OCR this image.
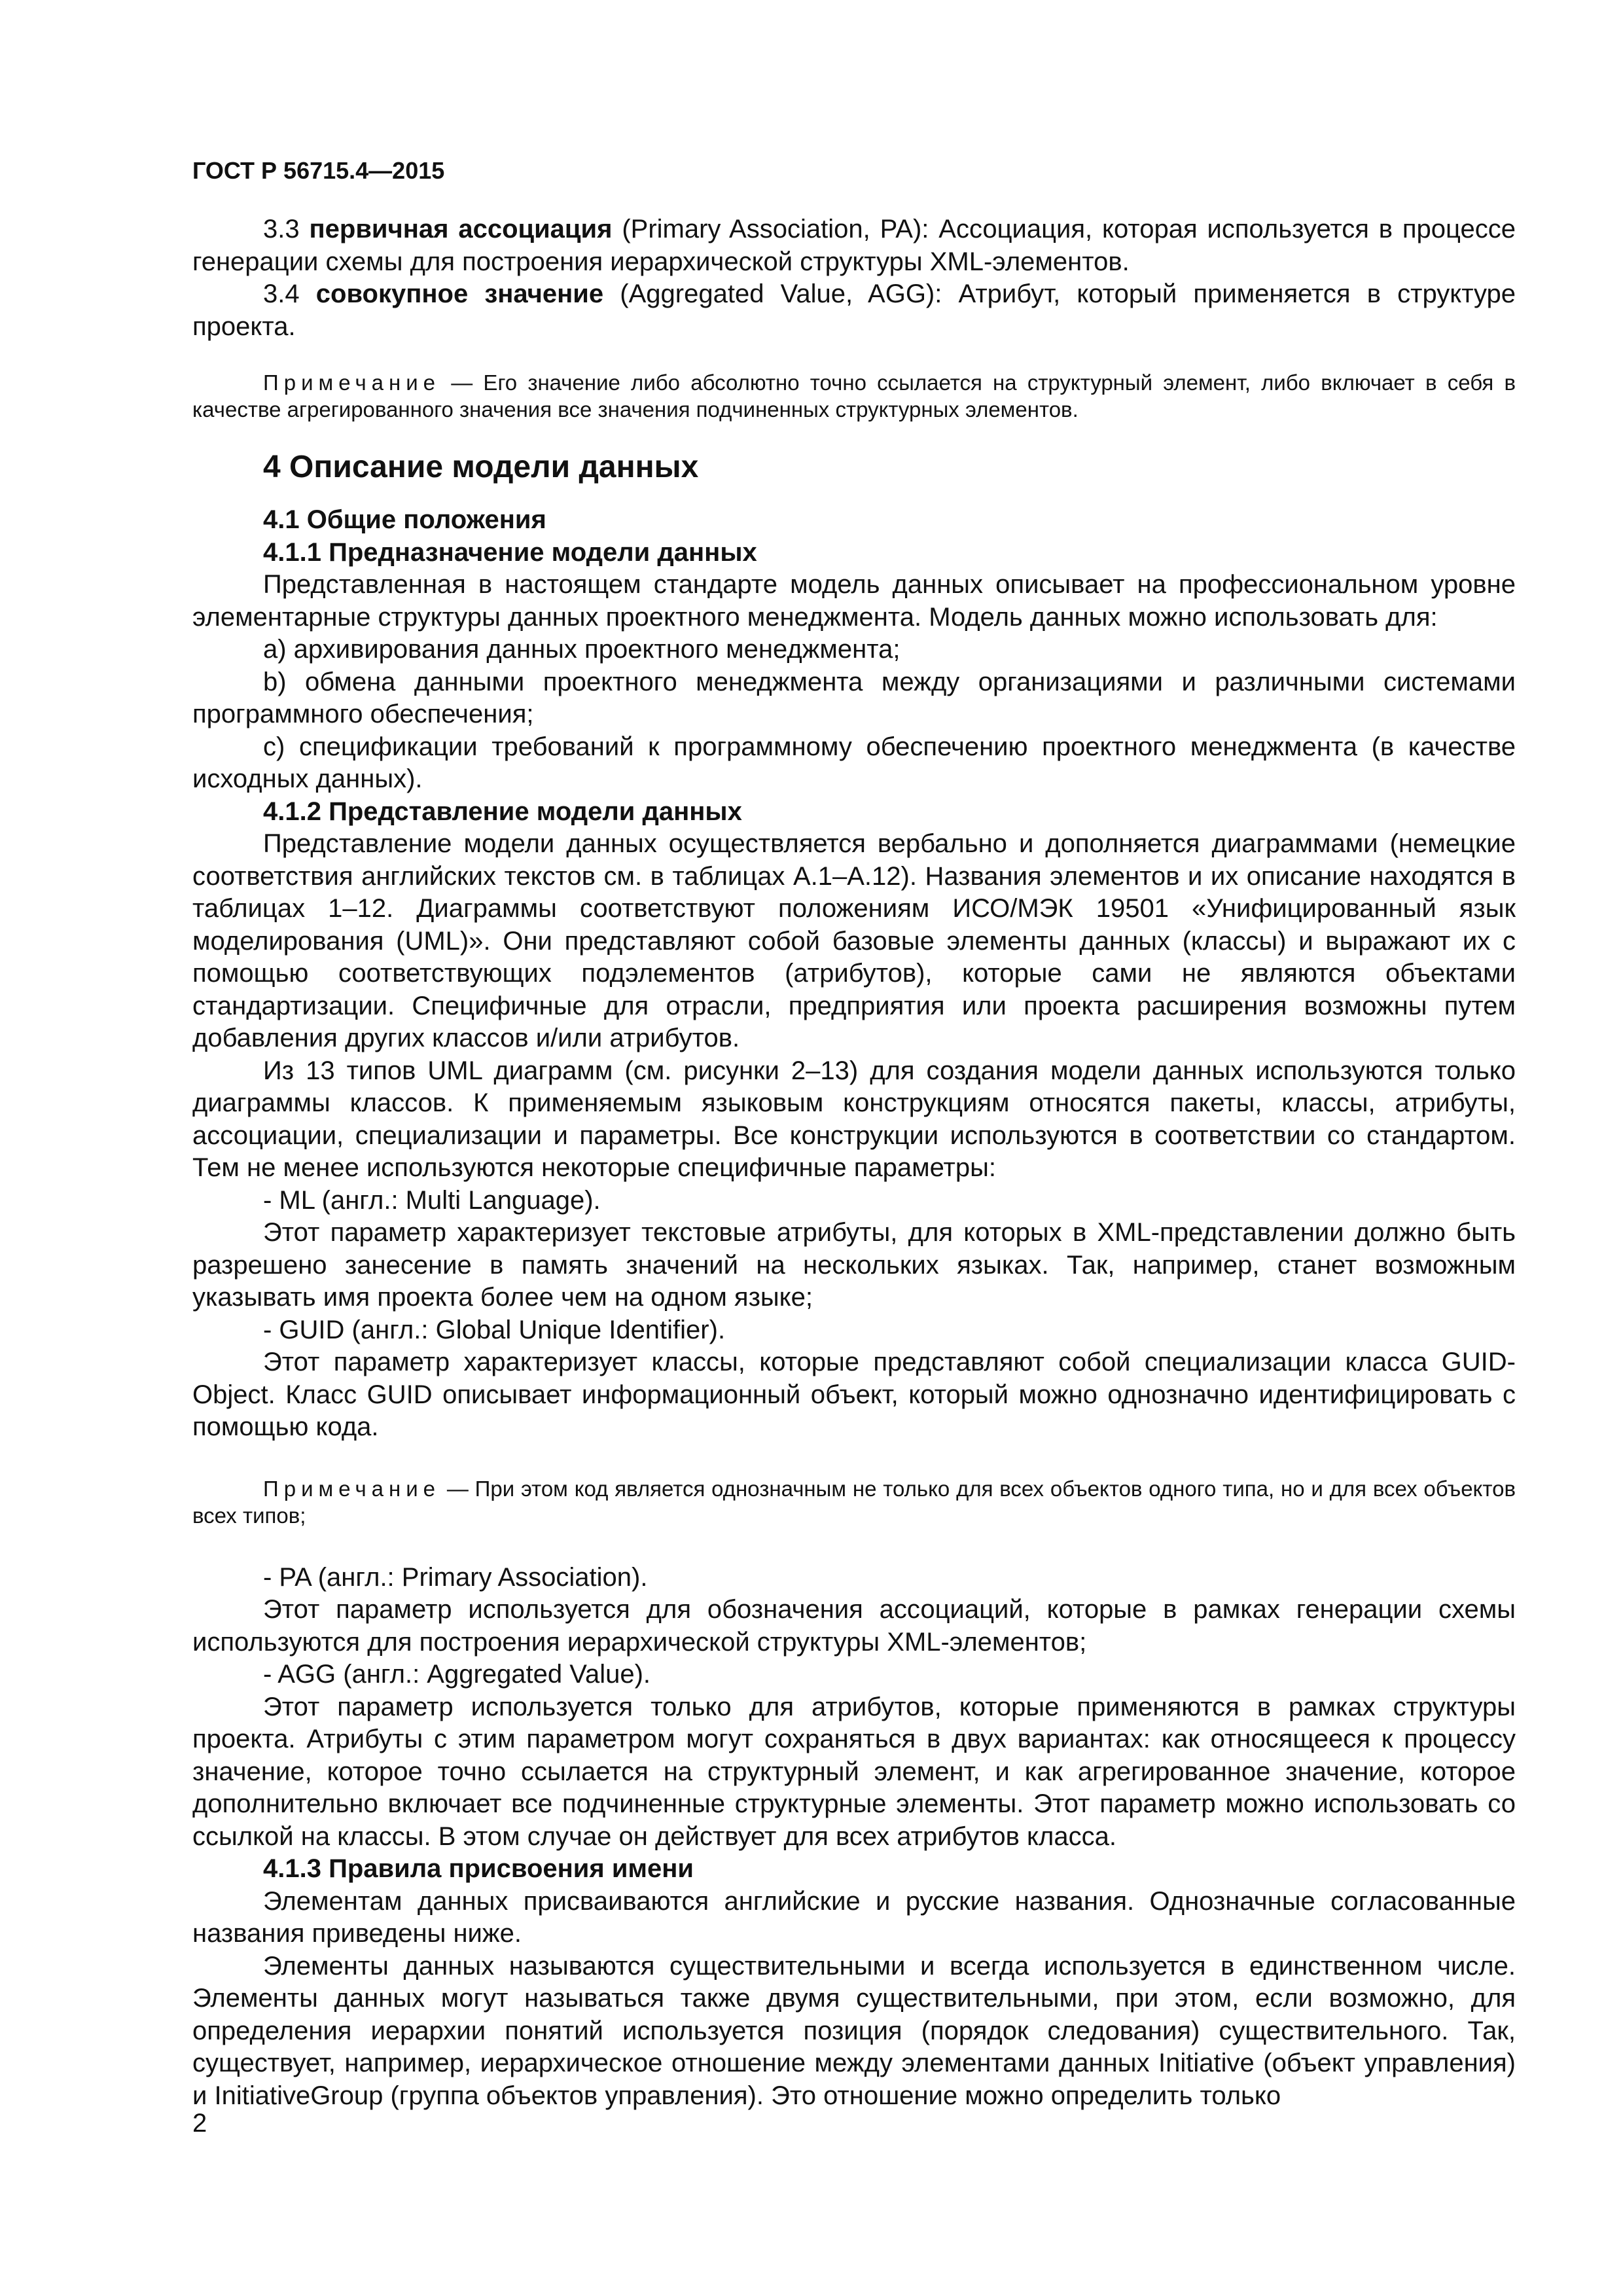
ГОСТ Р 56715.4—2015

3.3 первичная ассоциация (Primary Association, PA): Ассоциация, которая используется в процессе генерации схемы для построения иерархической структуры XML-элементов.

3.4 совокупное значение (Aggregated Value, AGG): Атрибут, который применяется в структуре проекта.

Примечание — Его значение либо абсолютно точно ссылается на структурный элемент, либо включает в себя в качестве агрегированного значения все значения подчиненных структурных элементов.

4 Описание модели данных

4.1 Общие положения

4.1.1 Предназначение модели данных

Представленная в настоящем стандарте модель данных описывает на профессиональном уровне элементарные структуры данных проектного менеджмента. Модель данных можно использовать для:

a) архивирования данных проектного менеджмента;

b) обмена данными проектного менеджмента между организациями и различными системами программного обеспечения;

c) спецификации требований к программному обеспечению проектного менеджмента (в качестве исходных данных).

4.1.2 Представление модели данных

Представление модели данных осуществляется вербально и дополняется диаграммами (немецкие соответствия английских текстов см. в таблицах А.1–А.12). Названия элементов и их описание находятся в таблицах 1–12. Диаграммы соответствуют положениям ИСО/МЭК 19501 «Унифицированный язык моделирования (UML)». Они представляют собой базовые элементы данных (классы) и выражают их с помощью соответствующих подэлементов (атрибутов), которые сами не являются объектами стандартизации. Специфичные для отрасли, предприятия или проекта расширения возможны путем добавления других классов и/или атрибутов.

Из 13 типов UML диаграмм (см. рисунки 2–13) для создания модели данных используются только диаграммы классов. К применяемым языковым конструкциям относятся пакеты, классы, атрибуты, ассоциации, специализации и параметры. Все конструкции используются в соответствии со стандартом. Тем не менее используются некоторые специфичные параметры:

- ML (англ.: Multi Language).

Этот параметр характеризует текстовые атрибуты, для которых в XML-представлении должно быть разрешено занесение в память значений на нескольких языках. Так, например, станет возможным указывать имя проекта более чем на одном языке;

- GUID (англ.: Global Unique Identifier).

Этот параметр характеризует классы, которые представляют собой специализации класса GUID-Object. Класс GUID описывает информационный объект, который можно однозначно идентифицировать с помощью кода.

Примечание — При этом код является однозначным не только для всех объектов одного типа, но и для всех объектов всех типов;

- PA (англ.: Primary Association).

Этот параметр используется для обозначения ассоциаций, которые в рамках генерации схемы используются для построения иерархической структуры XML-элементов;

- AGG (англ.: Aggregated Value).

Этот параметр используется только для атрибутов, которые применяются в рамках структуры проекта. Атрибуты с этим параметром могут сохраняться в двух вариантах: как относящееся к процессу значение, которое точно ссылается на структурный элемент, и как агрегированное значение, которое дополнительно включает все подчиненные структурные элементы. Этот параметр можно использовать со ссылкой на классы. В этом случае он действует для всех атрибутов класса.

4.1.3 Правила присвоения имени

Элементам данных присваиваются английские и русские названия. Однозначные согласованные названия приведены ниже.

Элементы данных называются существительными и всегда используется в единственном числе. Элементы данных могут называться также двумя существительными, при этом, если возможно, для определения иерархии понятий используется позиция (порядок следования) существительного. Так, существует, например, иерархическое отношение между элементами данных Initiative (объект управления) и InitiativeGroup (группа объектов управления). Это отношение можно определить только

2
